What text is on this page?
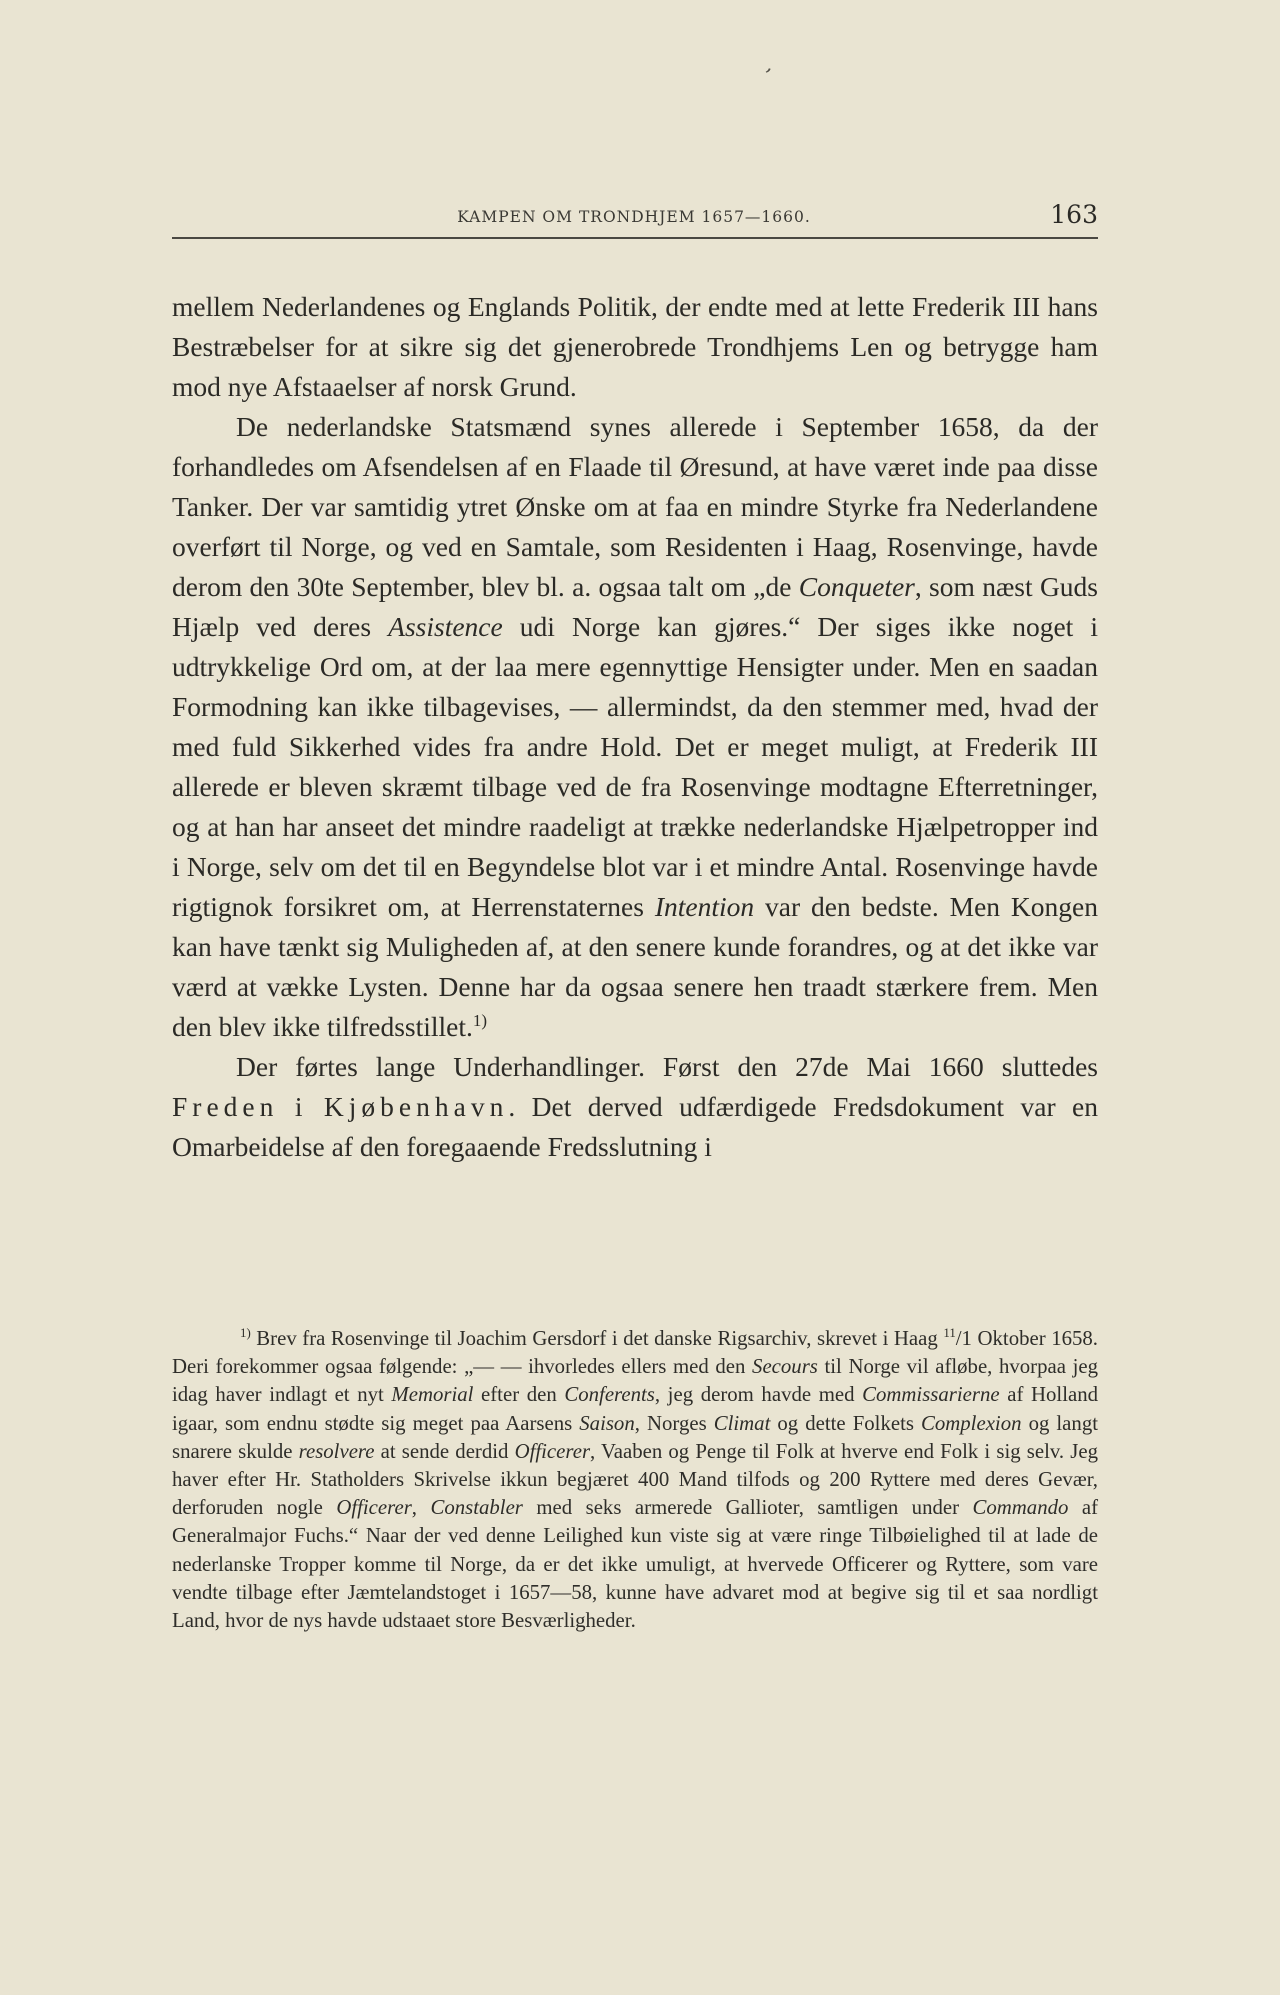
,
KAMPEN OM TRONDHJEM 1657—1660.	163

mellem Nederlandenes og Englands Politik, der endte med at lette Frederik III hans Bestræbelser for at sikre sig det gjenerobrede Trondhjems Len og betrygge ham mod nye Afstaaelser af norsk Grund.

De nederlandske Statsmænd synes allerede i September 1658, da der forhandledes om Afsendelsen af en Flaade til Øresund, at have været inde paa disse Tanker. Der var samtidig ytret Ønske om at faa en mindre Styrke fra Nederlandene overført til Norge, og ved en Samtale, som Residenten i Haag, Rosenvinge, havde derom den 30te September, blev bl. a. ogsaa talt om „de Conqueter, som næst Guds Hjælp ved deres Assistence udi Norge kan gjøres.“ Der siges ikke noget i udtrykkelige Ord om, at der laa mere egennyttige Hensigter under. Men en saadan Formodning kan ikke tilbagevises, — allermindst, da den stemmer med, hvad der med fuld Sikkerhed vides fra andre Hold. Det er meget muligt, at Frederik III allerede er bleven skræmt tilbage ved de fra Rosenvinge modtagne Efterretninger, og at han har anseet det mindre raadeligt at trække nederlandske Hjælpetropper ind i Norge, selv om det til en Begyndelse blot var i et mindre Antal. Rosenvinge havde rigtignok forsikret om, at Herrenstaternes Intention var den bedste. Men Kongen kan have tænkt sig Muligheden af, at den senere kunde forandres, og at det ikke var værd at vække Lysten. Denne har da ogsaa senere hen traadt stærkere frem. Men den blev ikke tilfredsstillet.$^{1)}$

Der førtes lange Underhandlinger. Først den 27de Mai 1660 sluttedes Freden i Kjøbenhavn. Det derved udfærdigede Fredsdokument var en Omarbeidelse af den foregaaende Fredsslutning i

$^{1)}$ Brev fra Rosenvinge til Joachim Gersdorf i det danske Rigsarchiv, skrevet i Haag $^{11}$/1 Oktober 1658. Deri forekommer ogsaa følgende: „— — ihvorledes ellers med den Secours til Norge vil afløbe, hvorpaa jeg idag haver indlagt et nyt Memorial efter den Conferents, jeg derom havde med Commissarierne af Holland igaar, som endnu stødte sig meget paa Aarsens Saison, Norges Climat og dette Folkets Complexion og langt snarere skulde resolvere at sende derdid Officerer, Vaaben og Penge til Folk at hverve end Folk i sig selv. Jeg haver efter Hr. Statholders Skrivelse ikkun begjæret 400 Mand tilfods og 200 Ryttere med deres Gevær, derforuden nogle Officerer, Constabler med seks armerede Gallioter, samtligen under Commando af Generalmajor Fuchs.“ Naar der ved denne Leilighed kun viste sig at være ringe Tilbøielighed til at lade de nederlanske Tropper komme til Norge, da er det ikke umuligt, at hvervede Officerer og Ryttere, som vare vendte tilbage efter Jæmtelandstoget i 1657—58, kunne have advaret mod at begive sig til et saa nordligt Land, hvor de nys havde udstaaet store Besværligheder.
